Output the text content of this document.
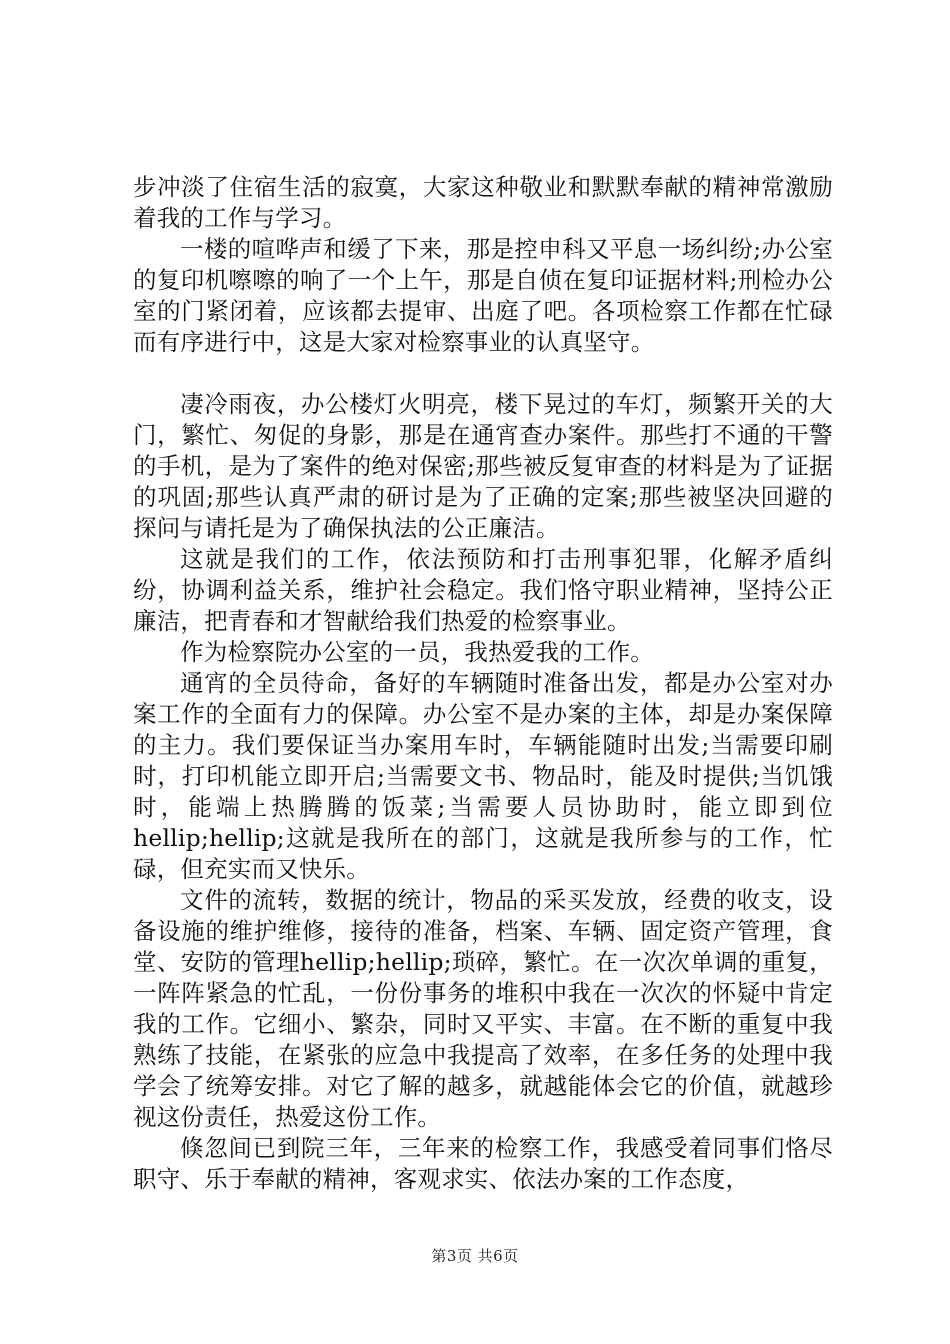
步冲淡了住宿生活的寂寞，大家这种敬业和默默奉献的精神常激励着我的工作与学习。

一楼的喧哗声和缓了下来，那是控申科又平息一场纠纷;办公室的复印机嚓嚓的响了一个上午，那是自侦在复印证据材料;刑检办公室的门紧闭着，应该都去提审、出庭了吧。各项检察工作都在忙碌而有序进行中，这是大家对检察事业的认真坚守。

凄冷雨夜，办公楼灯火明亮，楼下晃过的车灯，频繁开关的大门，繁忙、匆促的身影，那是在通宵查办案件。那些打不通的干警的手机，是为了案件的绝对保密;那些被反复审查的材料是为了证据的巩固;那些认真严肃的研讨是为了正确的定案;那些被坚决回避的探问与请托是为了确保执法的公正廉洁。

这就是我们的工作，依法预防和打击刑事犯罪，化解矛盾纠纷，协调利益关系，维护社会稳定。我们恪守职业精神，坚持公正廉洁，把青春和才智献给我们热爱的检察事业。

作为检察院办公室的一员，我热爱我的工作。

通宵的全员待命，备好的车辆随时准备出发，都是办公室对办案工作的全面有力的保障。办公室不是办案的主体，却是办案保障的主力。我们要保证当办案用车时，车辆能随时出发;当需要印刷时，打印机能立即开启;当需要文书、物品时，能及时提供;当饥饿时，能端上热腾腾的饭菜;当需要人员协助时，能立即到位hellip;hellip;这就是我所在的部门，这就是我所参与的工作，忙碌，但充实而又快乐。

文件的流转，数据的统计，物品的采买发放，经费的收支，设备设施的维护维修，接待的准备，档案、车辆、固定资产管理，食堂、安防的管理hellip;hellip;琐碎，繁忙。在一次次单调的重复，一阵阵紧急的忙乱，一份份事务的堆积中我在一次次的怀疑中肯定我的工作。它细小、繁杂，同时又平实、丰富。在不断的重复中我熟练了技能，在紧张的应急中我提高了效率，在多任务的处理中我学会了统筹安排。对它了解的越多，就越能体会它的价值，就越珍视这份责任，热爱这份工作。

倏忽间已到院三年，三年来的检察工作，我感受着同事们恪尽职守、乐于奉献的精神，客观求实、依法办案的工作态度，

第3页 共6页
